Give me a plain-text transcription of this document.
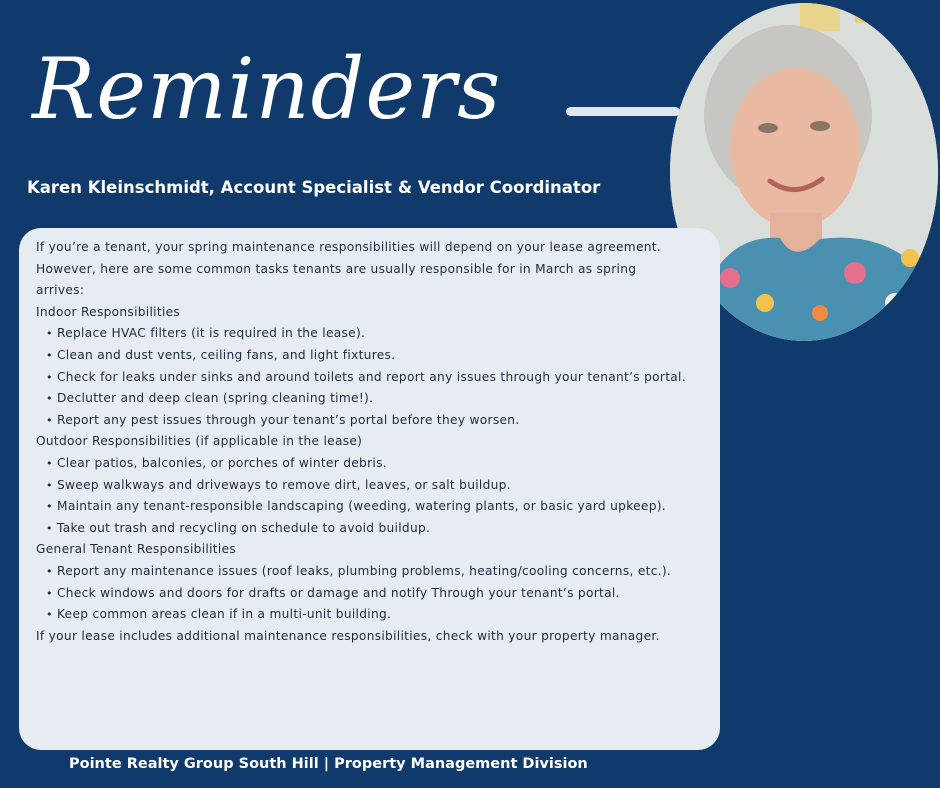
Reminders

Karen Kleinschmidt, Account Specialist & Vendor Coordinator

If you’re a tenant, your spring maintenance responsibilities will depend on your lease agreement. However, here are some common tasks tenants are usually responsible for in March as spring arrives:

Indoor Responsibilities

• Replace HVAC filters (it is required in the lease).
• Clean and dust vents, ceiling fans, and light fixtures.
• Check for leaks under sinks and around toilets and report any issues through your tenant’s portal.
• Declutter and deep clean (spring cleaning time!).
• Report any pest issues through your tenant’s portal before they worsen.

Outdoor Responsibilities (if applicable in the lease)

• Clear patios, balconies, or porches of winter debris.
• Sweep walkways and driveways to remove dirt, leaves, or salt buildup.
• Maintain any tenant-responsible landscaping (weeding, watering plants, or basic yard upkeep).
• Take out trash and recycling on schedule to avoid buildup.

General Tenant Responsibilities

• Report any maintenance issues (roof leaks, plumbing problems, heating/cooling concerns, etc.).
• Check windows and doors for drafts or damage and notify Through your tenant’s portal.
• Keep common areas clean if in a multi-unit building.

If your lease includes additional maintenance responsibilities, check with your property manager.

Pointe Realty Group South Hill | Property Management Division
